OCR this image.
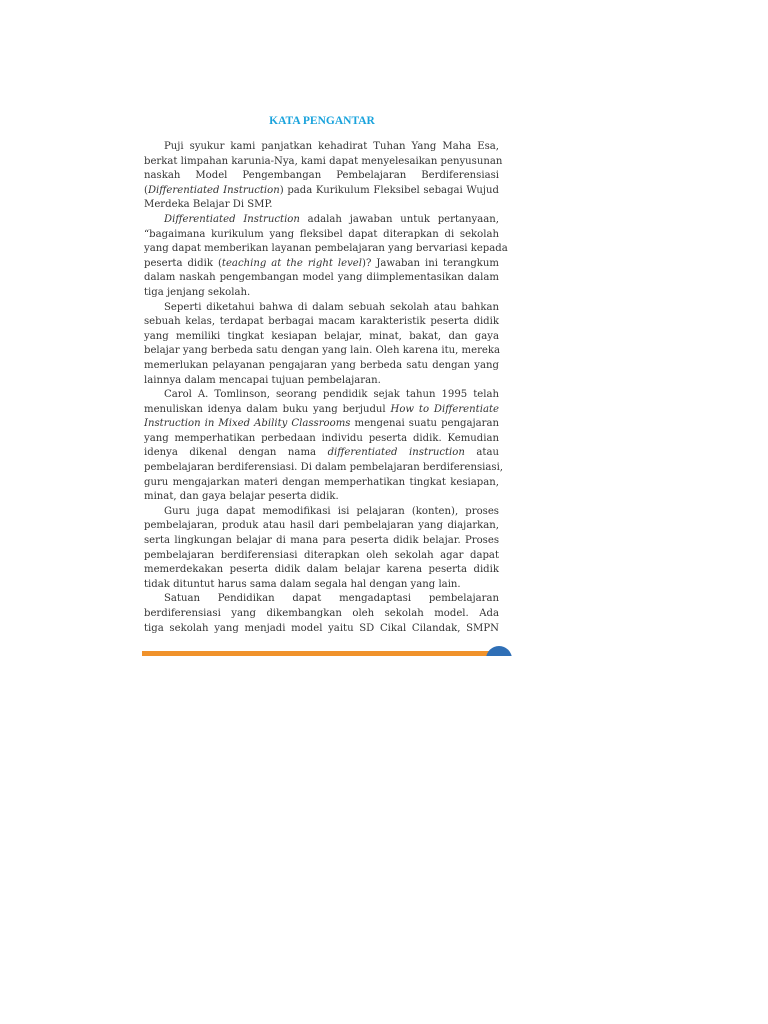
KATA PENGANTAR
Puji syukur kami panjatkan kehadirat Tuhan Yang Maha Esa,
berkat limpahan karunia-Nya, kami dapat menyelesaikan penyusunan
naskah Model Pengembangan Pembelajaran Berdiferensiasi
(Differentiated Instruction) pada Kurikulum Fleksibel sebagai Wujud
Merdeka Belajar Di SMP.
Differentiated Instruction adalah jawaban untuk pertanyaan,
“bagaimana kurikulum yang fleksibel dapat diterapkan di sekolah
yang dapat memberikan layanan pembelajaran yang bervariasi kepada
peserta didik (teaching at the right level)? Jawaban ini terangkum
dalam naskah pengembangan model yang diimplementasikan dalam
tiga jenjang sekolah.
Seperti diketahui bahwa di dalam sebuah sekolah atau bahkan
sebuah kelas, terdapat berbagai macam karakteristik peserta didik
yang memiliki tingkat kesiapan belajar, minat, bakat, dan gaya
belajar yang berbeda satu dengan yang lain. Oleh karena itu, mereka
memerlukan pelayanan pengajaran yang berbeda satu dengan yang
lainnya dalam mencapai tujuan pembelajaran.
Carol A. Tomlinson, seorang pendidik sejak tahun 1995 telah
menuliskan idenya dalam buku yang berjudul How to Differentiate
Instruction in Mixed Ability Classrooms mengenai suatu pengajaran
yang memperhatikan perbedaan individu peserta didik. Kemudian
idenya dikenal dengan nama differentiated instruction atau
pembelajaran berdiferensiasi. Di dalam pembelajaran berdiferensiasi,
guru mengajarkan materi dengan memperhatikan tingkat kesiapan,
minat, dan gaya belajar peserta didik.
Guru juga dapat memodifikasi isi pelajaran (konten), proses
pembelajaran, produk atau hasil dari pembelajaran yang diajarkan,
serta lingkungan belajar di mana para peserta didik belajar. Proses
pembelajaran berdiferensiasi diterapkan oleh sekolah agar dapat
memerdekakan peserta didik dalam belajar karena peserta didik
tidak dituntut harus sama dalam segala hal dengan yang lain.
Satuan Pendidikan dapat mengadaptasi pembelajaran
berdiferensiasi yang dikembangkan oleh sekolah model. Ada
tiga sekolah yang menjadi model yaitu SD Cikal Cilandak, SMPN
